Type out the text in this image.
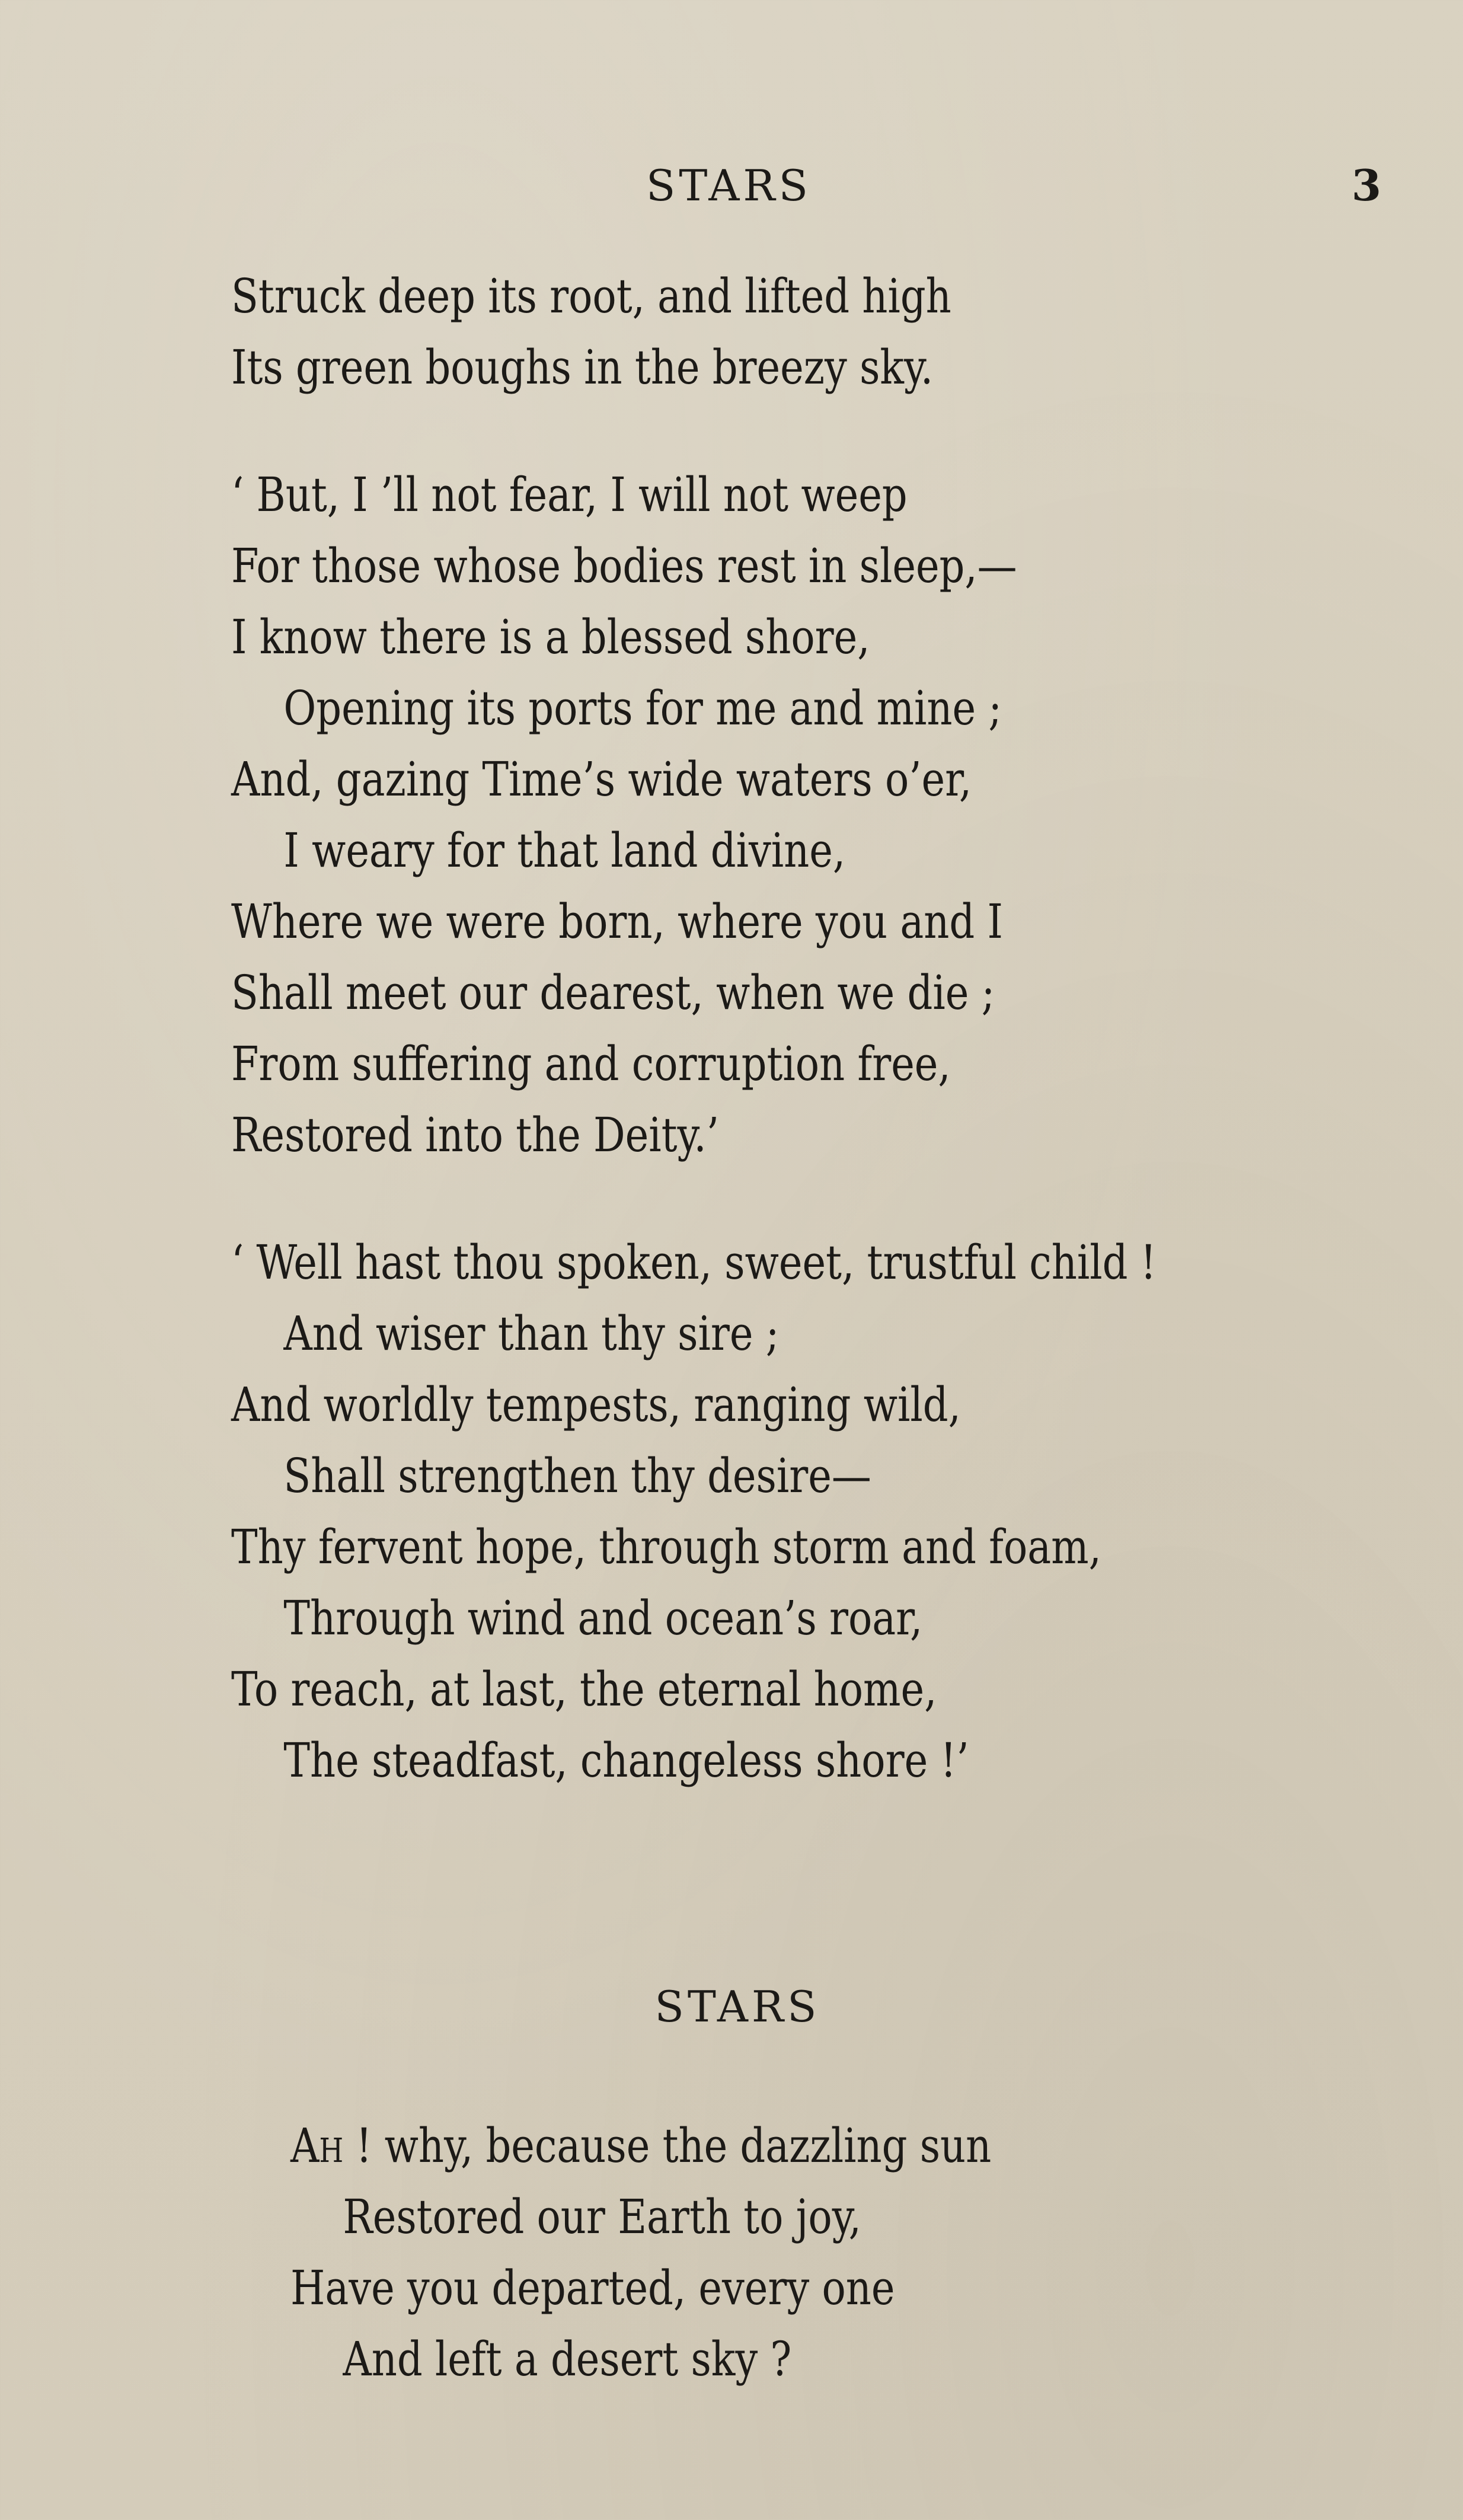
STARS	3
Struck deep its root, and lifted high
Its green boughs in the breezy sky.
‘ But, I ’ll not fear, I will not weep
For those whose bodies rest in sleep,—
I know there is a blessed shore,
Opening its ports for me and mine ;
And, gazing Time’s wide waters o’er,
I weary for that land divine,
Where we were born, where you and I
Shall meet our dearest, when we die ;
From suffering and corruption free,
Restored into the Deity.’
‘ Well hast thou spoken, sweet, trustful child !
And wiser than thy sire ;
And worldly tempests, ranging wild,
Shall strengthen thy desire—
Thy fervent hope, through storm and foam,
Through wind and ocean’s roar,
To reach, at last, the eternal home,
The steadfast, changeless shore !’
STARS
Ah ! why, because the dazzling sun
Restored our Earth to joy,
Have you departed, every one
And left a desert sky ?
